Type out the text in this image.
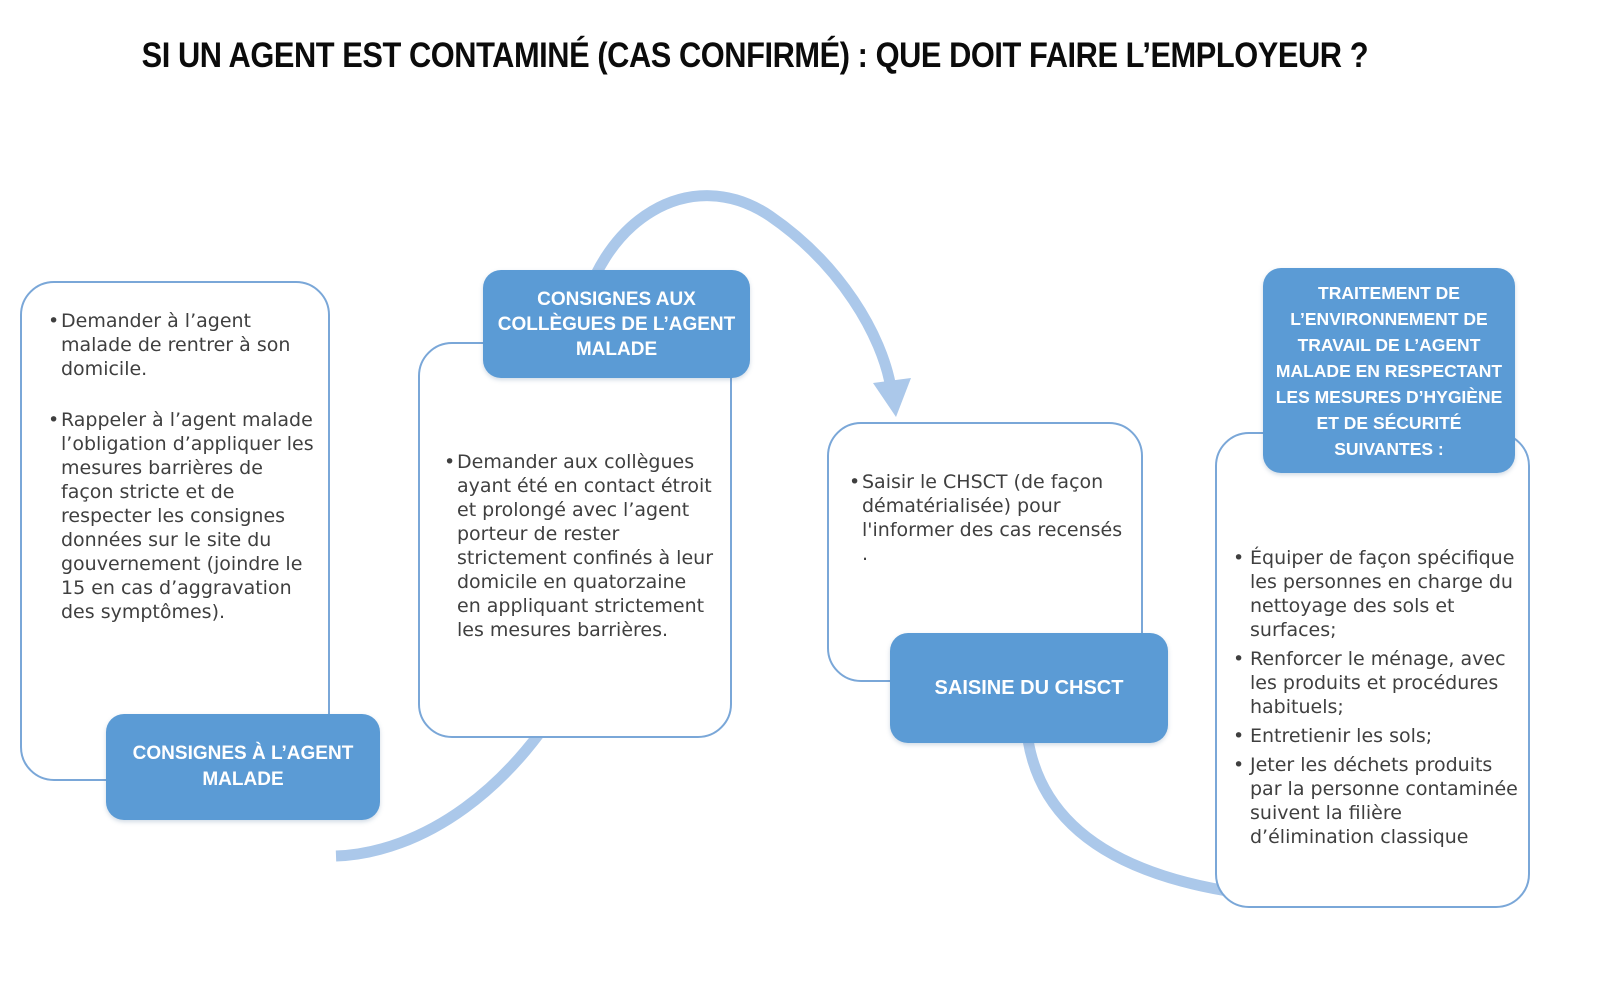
SI UN AGENT EST CONTAMINÉ (CAS CONFIRMÉ) : QUE DOIT FAIRE L’EMPLOYEUR ?
• Demander à l’agent malade de rentrer à son domicile.
• Rappeler à l’agent malade l’obligation d’appliquer les mesures barrières de façon stricte et de respecter les consignes données sur le site du gouvernement (joindre le 15 en cas d’aggravation des symptômes).
• Demander aux collègues ayant été en contact étroit et prolongé avec l’agent porteur de rester strictement confinés à leur domicile en quatorzaine en appliquant strictement les mesures barrières.
• Saisir le CHSCT (de façon dématérialisée) pour l'informer des cas recensés .	• Équiper de façon spécifique les personnes en charge du nettoyage des sols et surfaces;
• Renforcer le ménage, avec les produits et procédures habituels;
• Entretienir les sols;
• Jeter les déchets produits par la personne contaminée suivent la filière d’élimination classique
CONSIGNES À L’AGENT MALADE
CONSIGNES AUX COLLÈGUES DE L’AGENT MALADE
SAISINE DU CHSCT
TRAITEMENT DE L’ENVIRONNEMENT DE TRAVAIL DE L’AGENT MALADE EN RESPECTANT LES MESURES D’HYGIÈNE ET DE SÉCURITÉ SUIVANTES :
